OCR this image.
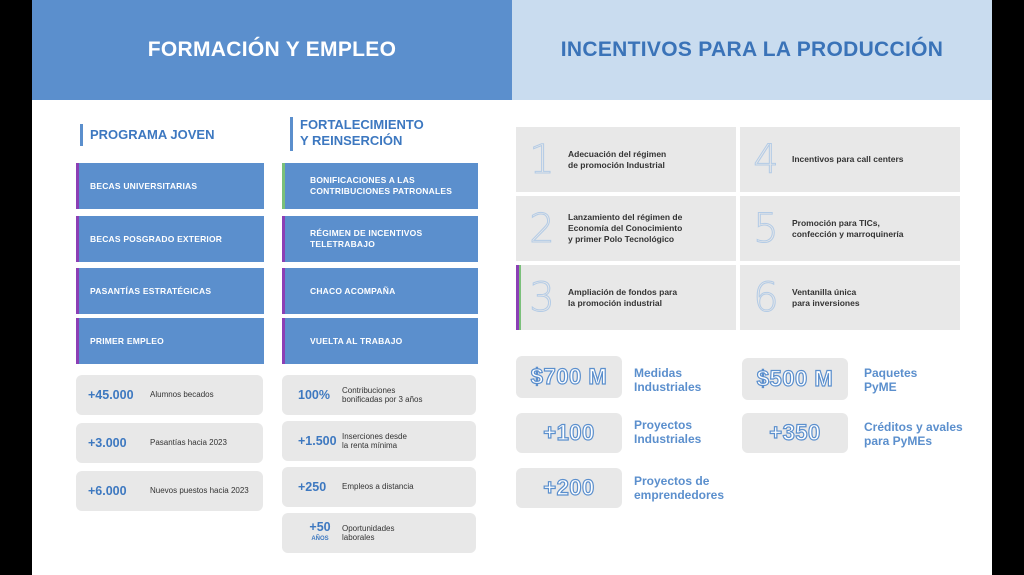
FORMACIÓN Y EMPLEO	INCENTIVOS PARA LA PRODUCCIÓN
PROGRAMA JOVEN
BECAS UNIVERSITARIAS
BECAS POSGRADO EXTERIOR
PASANTÍAS ESTRATÉGICAS
PRIMER EMPLEO
+45.000	Alumnos becados
+3.000	Pasantías hacia 2023
+6.000	Nuevos puestos hacia 2023
FORTALECIMIENTO
Y REINSERCIÓN
BONIFICACIONES A LAS
CONTRIBUCIONES PATRONALES
RÉGIMEN DE INCENTIVOS
TELETRABAJO
CHACO ACOMPAÑA
VUELTA AL TRABAJO
100%	Contribuciones
bonificadas por 3 años
+1.500 Inserciones desde
la renta mínima
+250	Empleos a distancia
+50
AÑOS
Oportunidades
laborales
1	Adecuación del régimen
de promoción Industrial	4	Incentivos para call centers
2	Lanzamiento del régimen de
Economía del Conocimiento
y primer Polo Tecnológico	5	Promoción para TICs,
confección y marroquinería
3	Ampliación de fondos para
la promoción industrial	6	Ventanilla única
para inversiones
$700 M	Medidas
Industriales	$500 M	Paquetes
PyME
+100	Proyectos
Industriales	+350	Créditos y avales
para PyMEs
+200	Proyectos de
emprendedores
